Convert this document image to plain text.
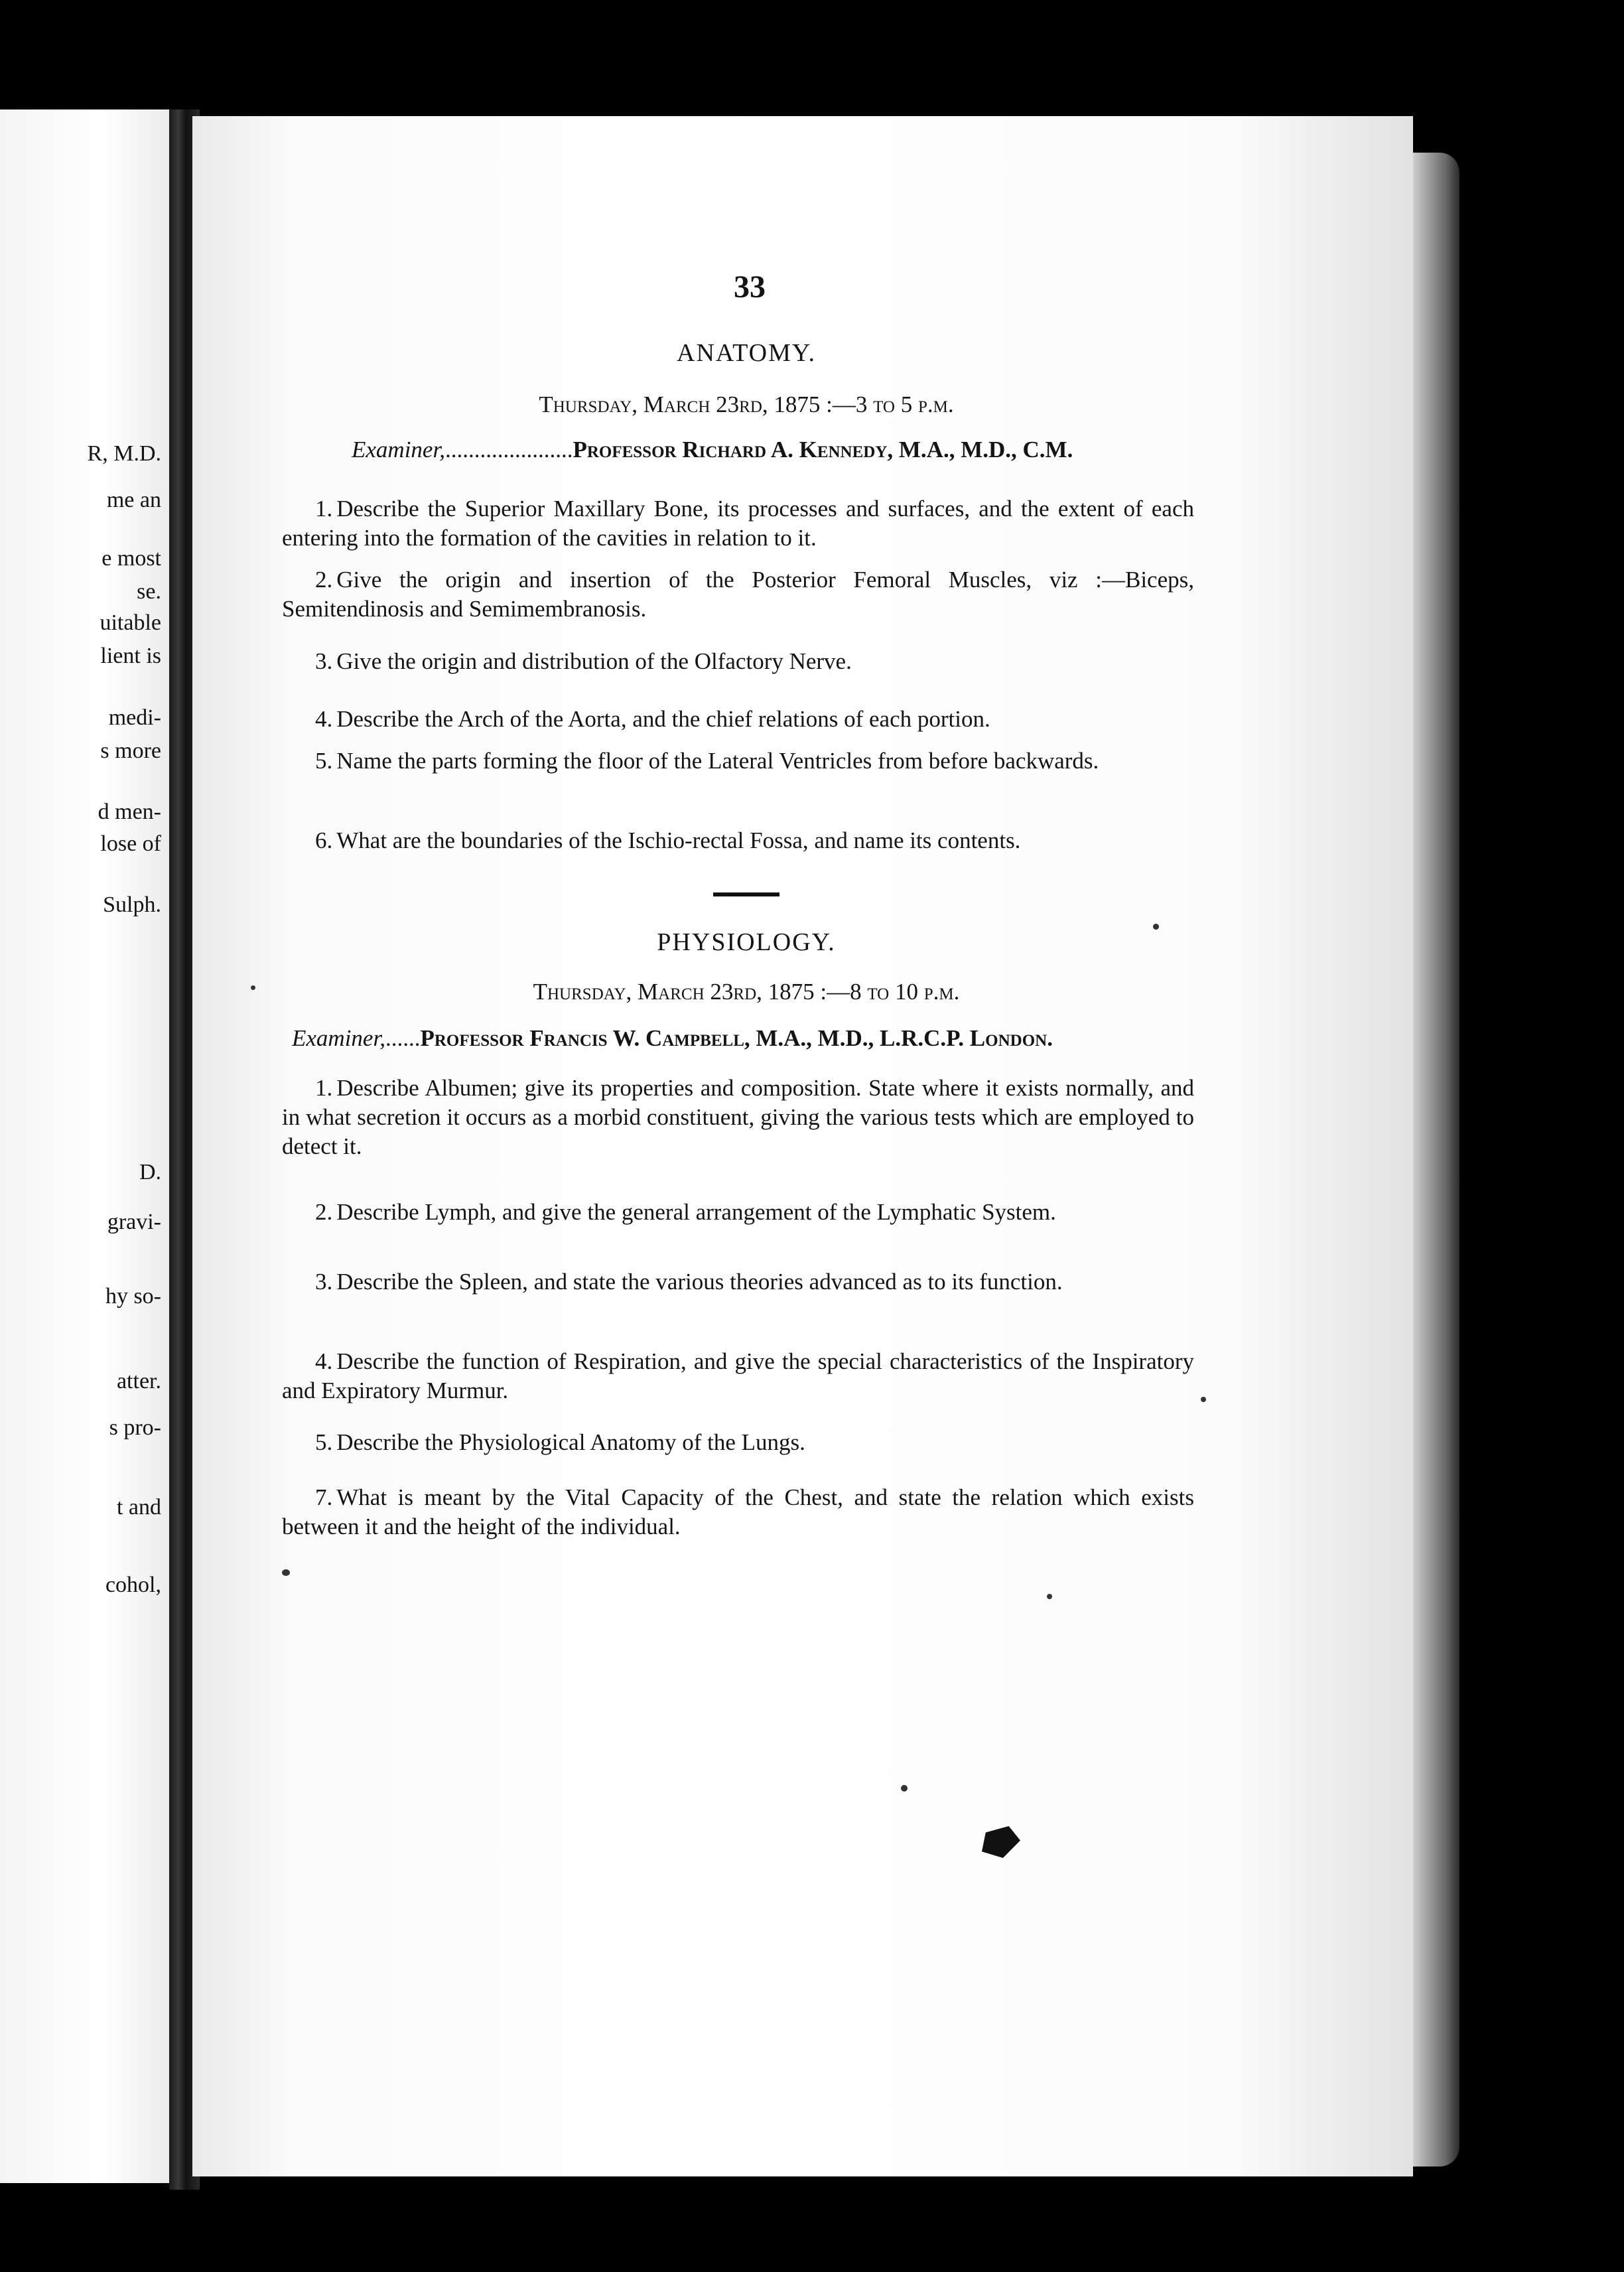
R, M.D.
me an
e most
se.
uitable
lient is
medi-
s more
d men-
lose of
Sulph.
D.
gravi-
hy so-
atter.
s pro-
t and
cohol,
33
ANATOMY.
Thursday, March 23rd, 1875 :—3 to 5 p.m.
Examiner,......................Professor Richard A. Kennedy, M.A., M.D., C.M.
1. Describe the Superior Maxillary Bone, its processes and surfaces, and the extent of each entering into the formation of the cavities in relation to it.
2. Give the origin and insertion of the Posterior Femoral Muscles, viz :—Biceps, Semitendinosis and Semimembranosis.
3. Give the origin and distribution of the Olfactory Nerve.
4. Describe the Arch of the Aorta, and the chief relations of each portion.
5. Name the parts forming the floor of the Lateral Ventricles from before backwards.
6. What are the boundaries of the Ischio-rectal Fossa, and name its contents.
PHYSIOLOGY.
Thursday, March 23rd, 1875 :—8 to 10 p.m.
Examiner,......Professor Francis W. Campbell, M.A., M.D., L.R.C.P. London.
1. Describe Albumen; give its properties and composition. State where it exists normally, and in what secretion it occurs as a morbid constituent, giving the various tests which are employed to detect it.
2. Describe Lymph, and give the general arrangement of the Lymphatic System.
3. Describe the Spleen, and state the various theories advanced as to its function.
4. Describe the function of Respiration, and give the special characteristics of the Inspiratory and Expiratory Murmur.
5. Describe the Physiological Anatomy of the Lungs.
7. What is meant by the Vital Capacity of the Chest, and state the relation which exists between it and the height of the individual.
